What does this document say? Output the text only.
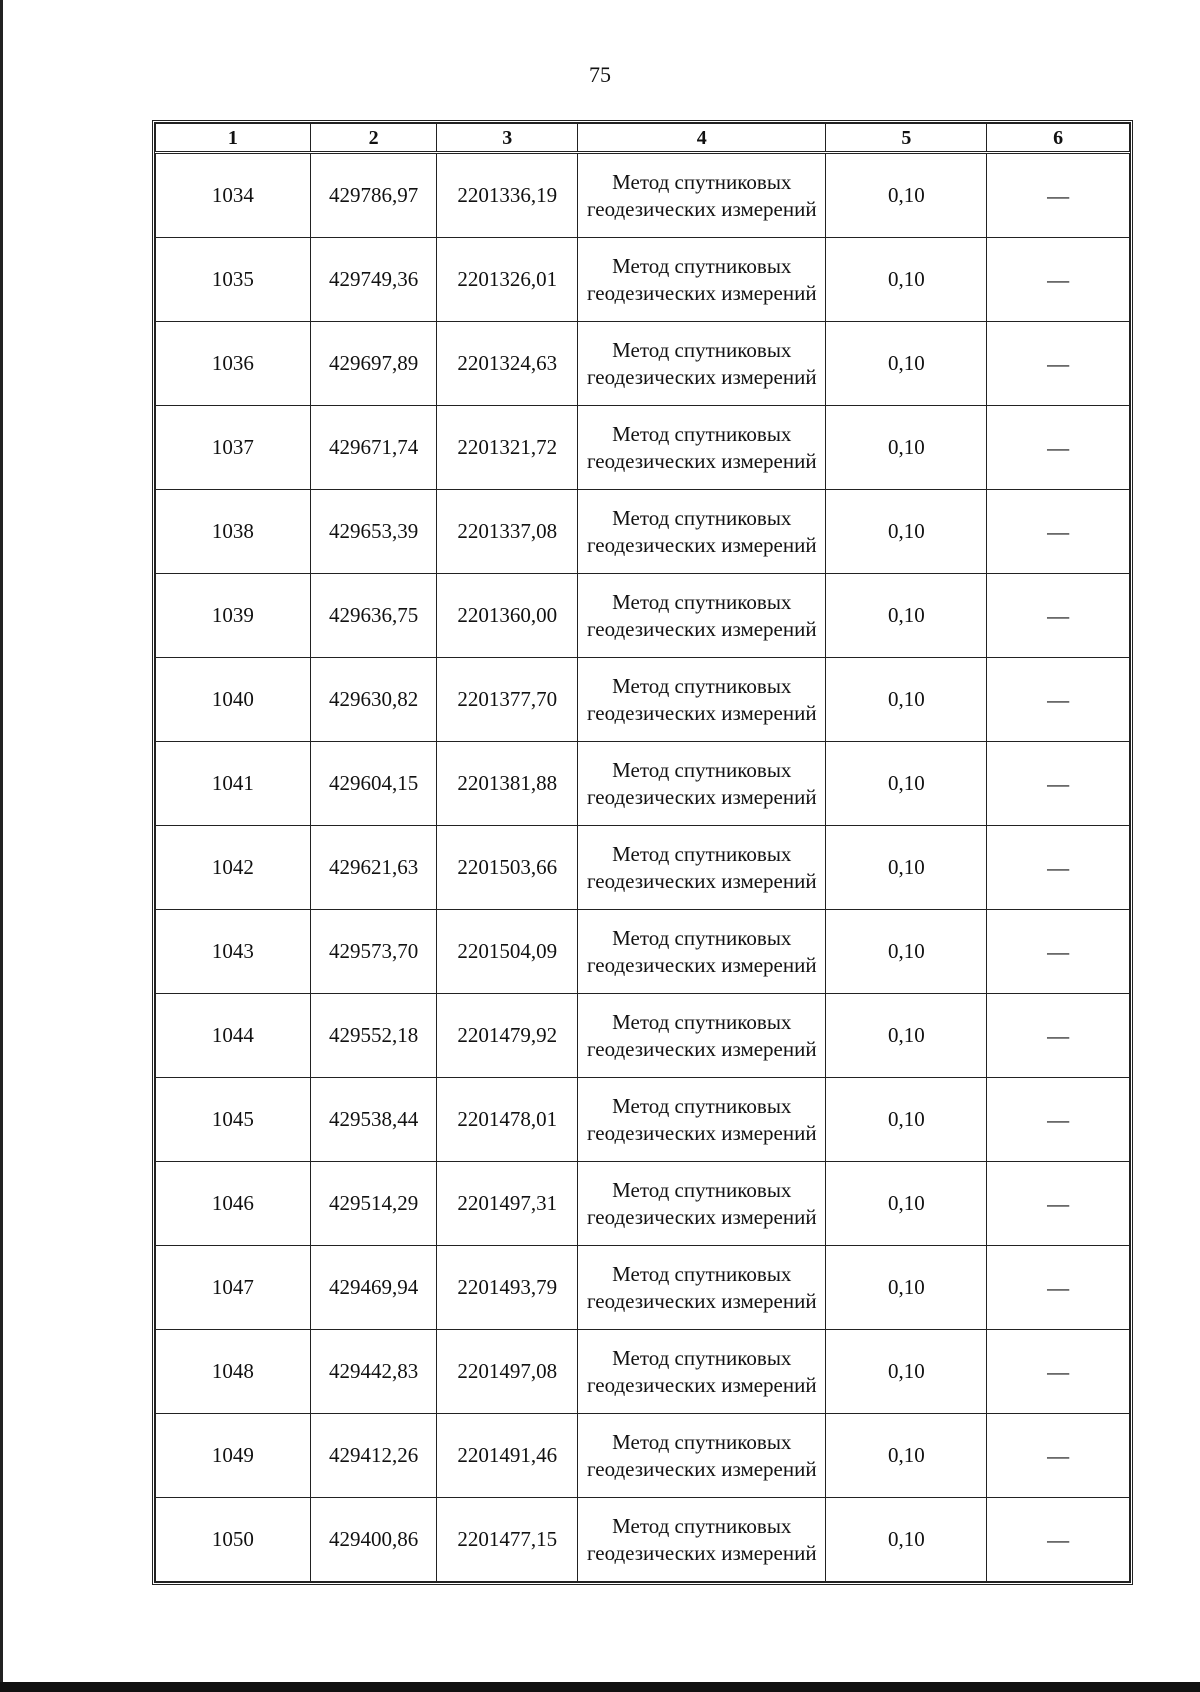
75
1	2	3	4	5	6
1034	429786,97	2201336,19	Метод спутниковых геодезических измерений	0,10	—
1035	429749,36	2201326,01	Метод спутниковых геодезических измерений	0,10	—
1036	429697,89	2201324,63	Метод спутниковых геодезических измерений	0,10	—
1037	429671,74	2201321,72	Метод спутниковых геодезических измерений	0,10	—
1038	429653,39	2201337,08	Метод спутниковых геодезических измерений	0,10	—
1039	429636,75	2201360,00	Метод спутниковых геодезических измерений	0,10	—
1040	429630,82	2201377,70	Метод спутниковых геодезических измерений	0,10	—
1041	429604,15	2201381,88	Метод спутниковых геодезических измерений	0,10	—
1042	429621,63	2201503,66	Метод спутниковых геодезических измерений	0,10	—
1043	429573,70	2201504,09	Метод спутниковых геодезических измерений	0,10	—
1044	429552,18	2201479,92	Метод спутниковых геодезических измерений	0,10	—
1045	429538,44	2201478,01	Метод спутниковых геодезических измерений	0,10	—
1046	429514,29	2201497,31	Метод спутниковых геодезических измерений	0,10	—
1047	429469,94	2201493,79	Метод спутниковых геодезических измерений	0,10	—
1048	429442,83	2201497,08	Метод спутниковых геодезических измерений	0,10	—
1049	429412,26	2201491,46	Метод спутниковых геодезических измерений	0,10	—
1050	429400,86	2201477,15	Метод спутниковых геодезических измерений	0,10	—
